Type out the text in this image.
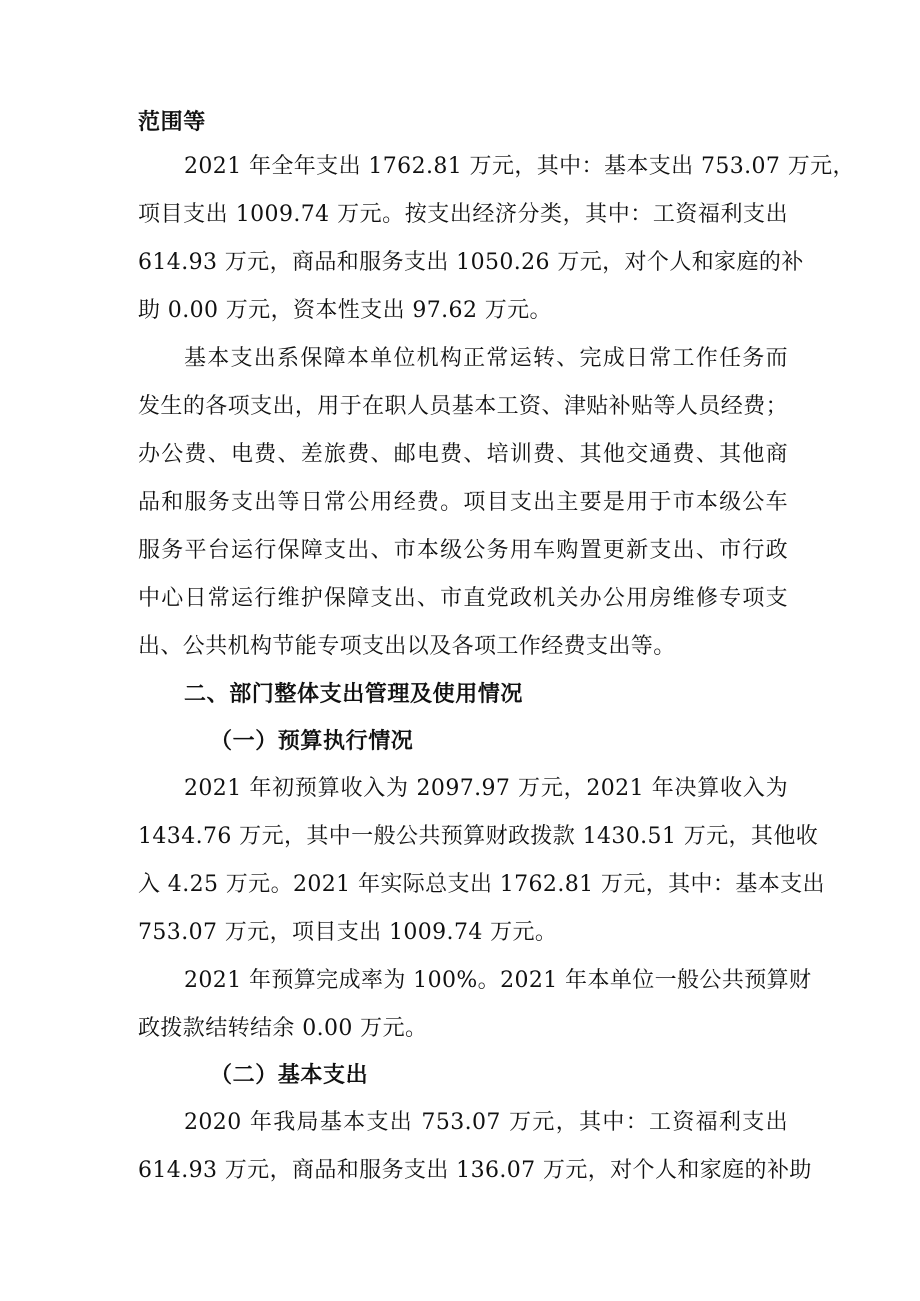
范围等
2021 年全年支出 1762.81 万元，其中：基本支出 753.07 万元，
项目支出 1009.74 万元。按支出经济分类，其中：工资福利支出
614.93 万元，商品和服务支出 1050.26 万元，对个人和家庭的补
助 0.00 万元，资本性支出 97.62 万元。
基本支出系保障本单位机构正常运转、完成日常工作任务而
发生的各项支出，用于在职人员基本工资、津贴补贴等人员经费；
办公费、电费、差旅费、邮电费、培训费、其他交通费、其他商
品和服务支出等日常公用经费。项目支出主要是用于市本级公车
服务平台运行保障支出、市本级公务用车购置更新支出、市行政
中心日常运行维护保障支出、市直党政机关办公用房维修专项支
出、公共机构节能专项支出以及各项工作经费支出等。
二、部门整体支出管理及使用情况
（一）预算执行情况
2021 年初预算收入为 2097.97 万元，2021 年决算收入为
1434.76 万元，其中一般公共预算财政拨款 1430.51 万元，其他收
入 4.25 万元。2021 年实际总支出 1762.81 万元，其中：基本支出
753.07 万元，项目支出 1009.74 万元。
2021 年预算完成率为 100%。2021 年本单位一般公共预算财
政拨款结转结余 0.00 万元。
（二）基本支出
2020 年我局基本支出 753.07 万元，其中：工资福利支出
614.93 万元，商品和服务支出 136.07 万元，对个人和家庭的补助
